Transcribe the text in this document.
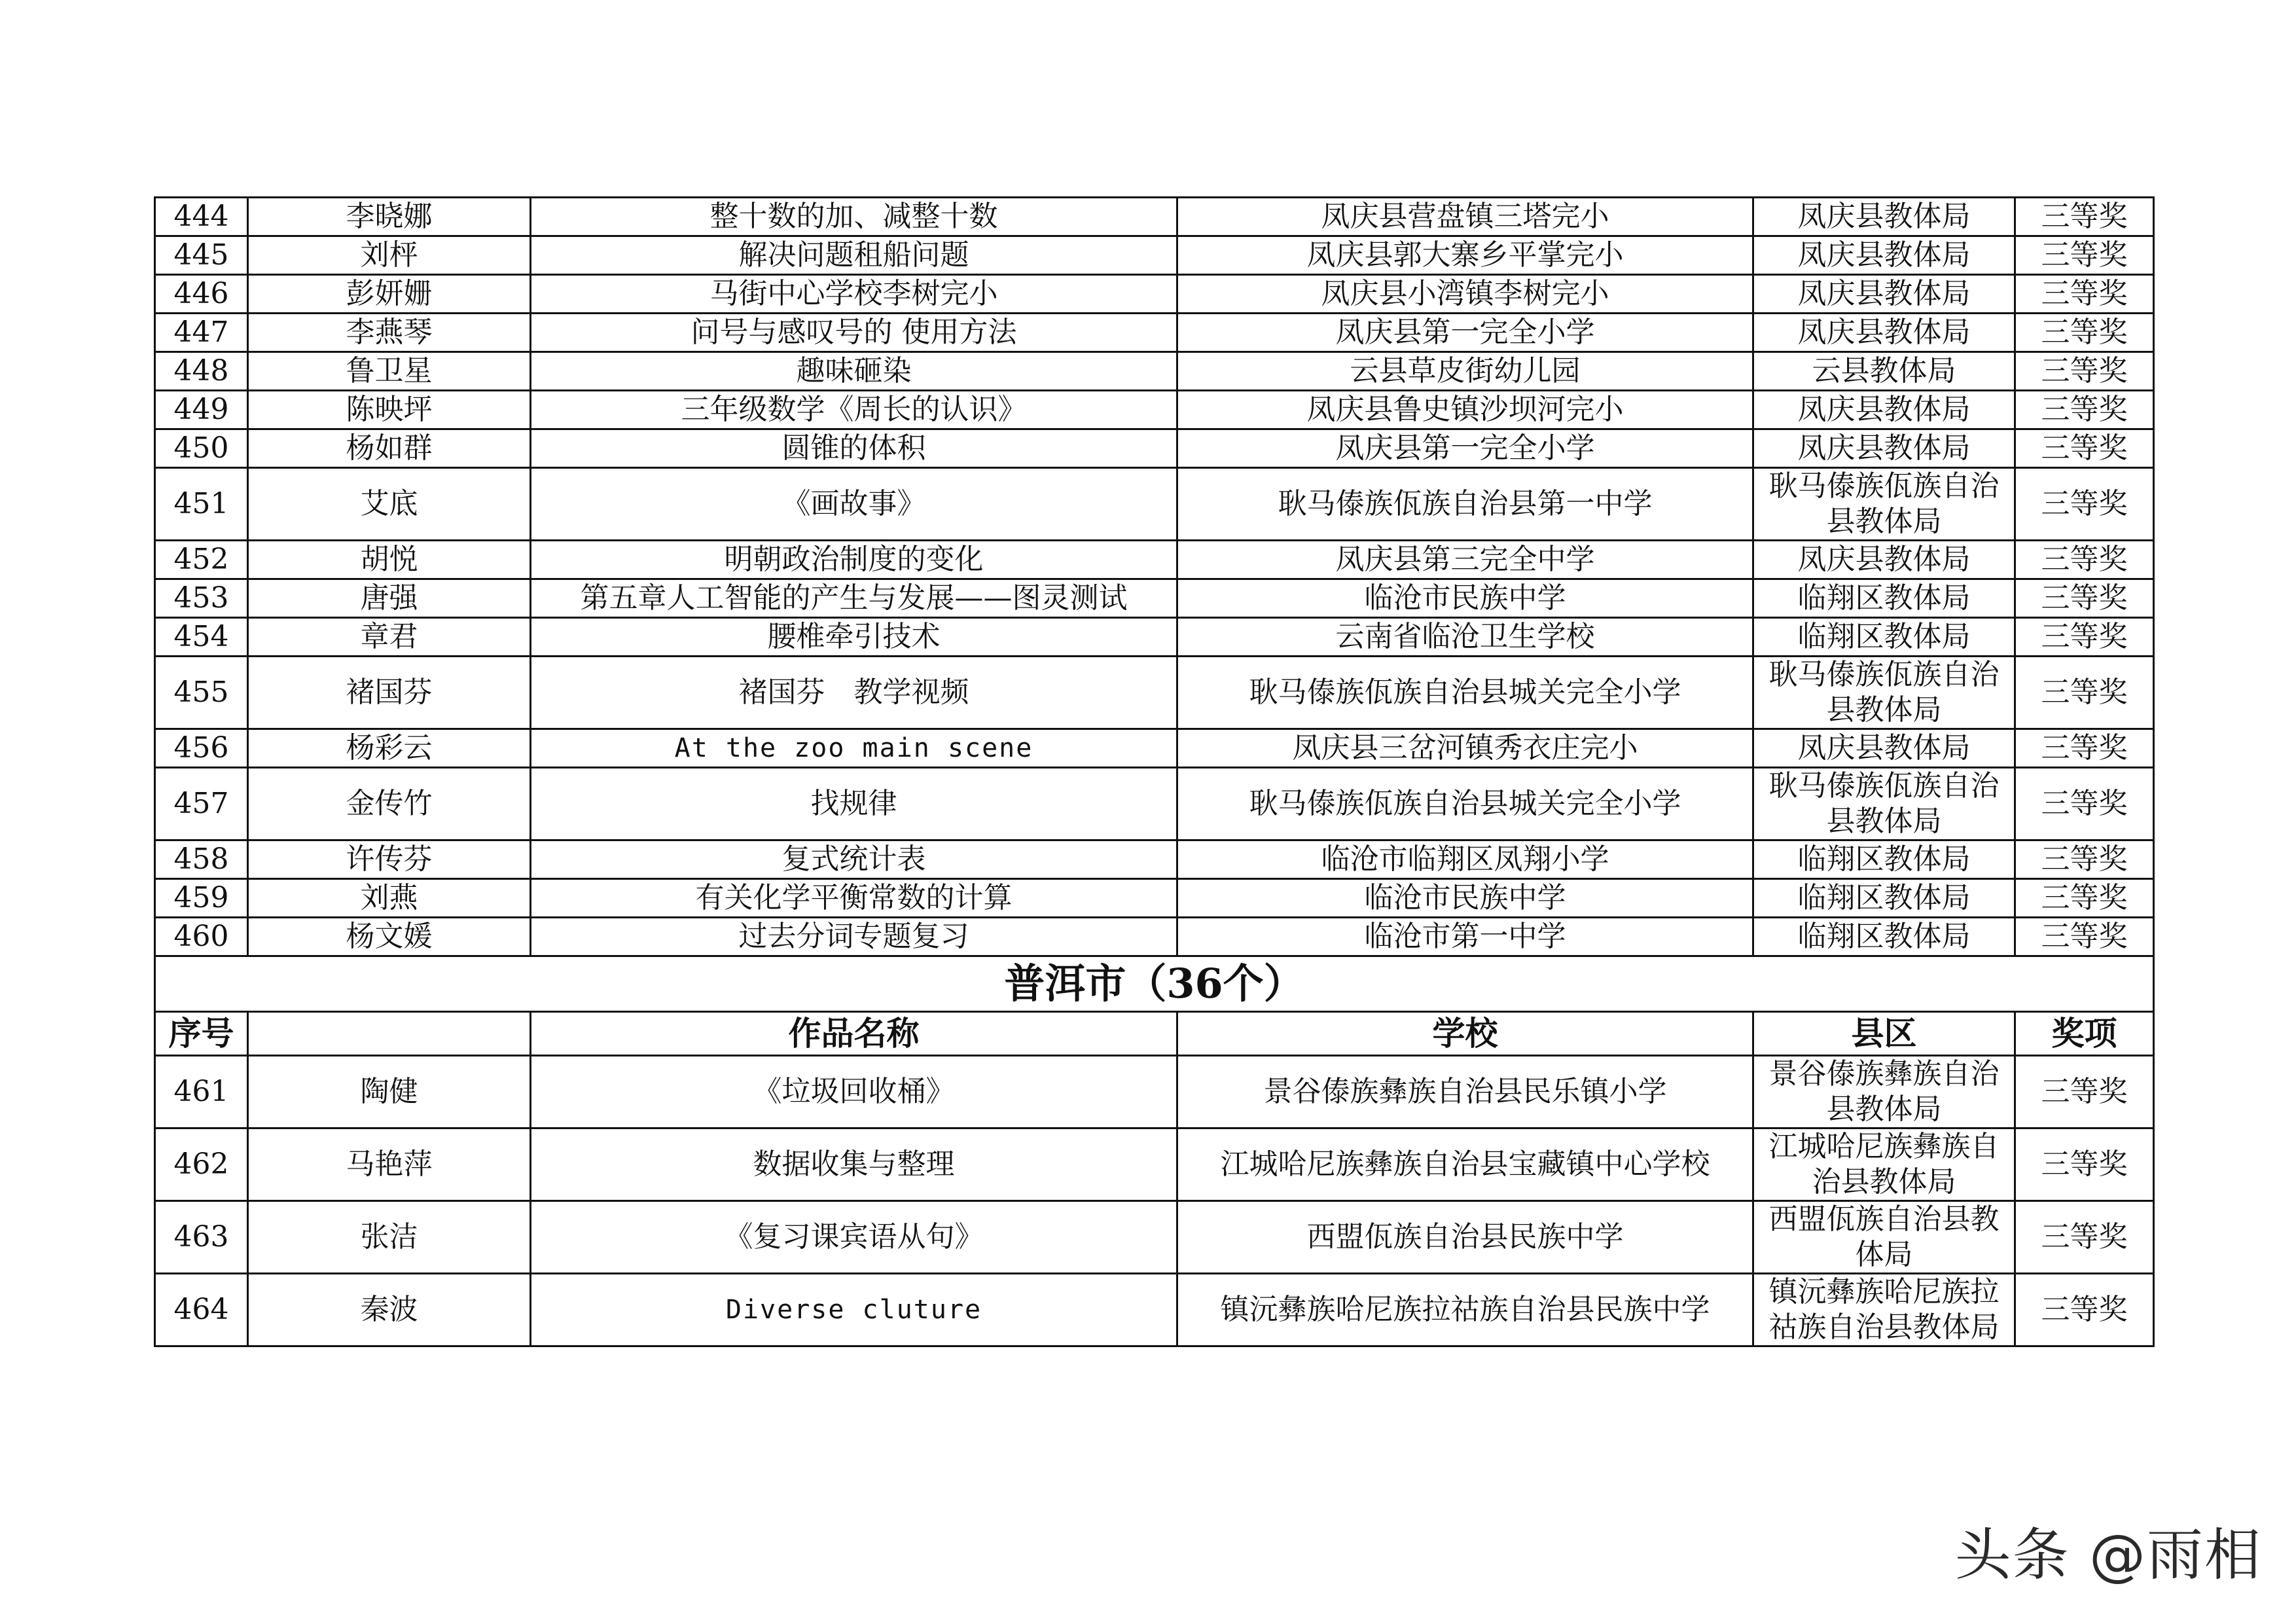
444	李晓娜	整十数的加、减整十数	凤庆县营盘镇三塔完小	凤庆县教体局	三等奖
445	刘枰	解决问题租船问题	凤庆县郭大寨乡平掌完小	凤庆县教体局	三等奖
446	彭妍姗	马街中心学校李树完小	凤庆县小湾镇李树完小	凤庆县教体局	三等奖
447	李燕琴	问号与感叹号的 使用方法	凤庆县第一完全小学	凤庆县教体局	三等奖
448	鲁卫星	趣味砸染	云县草皮街幼儿园	云县教体局	三等奖
449	陈映坪	三年级数学《周长的认识》	凤庆县鲁史镇沙坝河完小	凤庆县教体局	三等奖
450	杨如群	圆锥的体积	凤庆县第一完全小学	凤庆县教体局	三等奖
451	艾底	《画故事》	耿马傣族佤族自治县第一中学	耿马傣族佤族自治县教体局	三等奖
452	胡悦	明朝政治制度的变化	凤庆县第三完全中学	凤庆县教体局	三等奖
453	唐强	第五章人工智能的产生与发展——图灵测试	临沧市民族中学	临翔区教体局	三等奖
454	章君	腰椎牵引技术	云南省临沧卫生学校	临翔区教体局	三等奖
455	褚国芬	褚国芬　教学视频	耿马傣族佤族自治县城关完全小学	耿马傣族佤族自治县教体局	三等奖
456	杨彩云	At the zoo main scene	凤庆县三岔河镇秀衣庄完小	凤庆县教体局	三等奖
457	金传竹	找规律	耿马傣族佤族自治县城关完全小学	耿马傣族佤族自治县教体局	三等奖
458	许传芬	复式统计表	临沧市临翔区凤翔小学	临翔区教体局	三等奖
459	刘燕	有关化学平衡常数的计算	临沧市民族中学	临翔区教体局	三等奖
460	杨文媛	过去分词专题复习	临沧市第一中学	临翔区教体局	三等奖
普洱市（36个）					
序号		作品名称	学校	县区	奖项
461	陶健	《垃圾回收桶》	景谷傣族彝族自治县民乐镇小学	景谷傣族彝族自治县教体局	三等奖
462	马艳萍	数据收集与整理	江城哈尼族彝族自治县宝藏镇中心学校	江城哈尼族彝族自治县教体局	三等奖
463	张洁	《复习课宾语从句》	西盟佤族自治县民族中学	西盟佤族自治县教体局	三等奖
464	秦波	Diverse cluture	镇沅彝族哈尼族拉祜族自治县民族中学	镇沅彝族哈尼族拉祜族自治县教体局	三等奖
头条 @雨相
